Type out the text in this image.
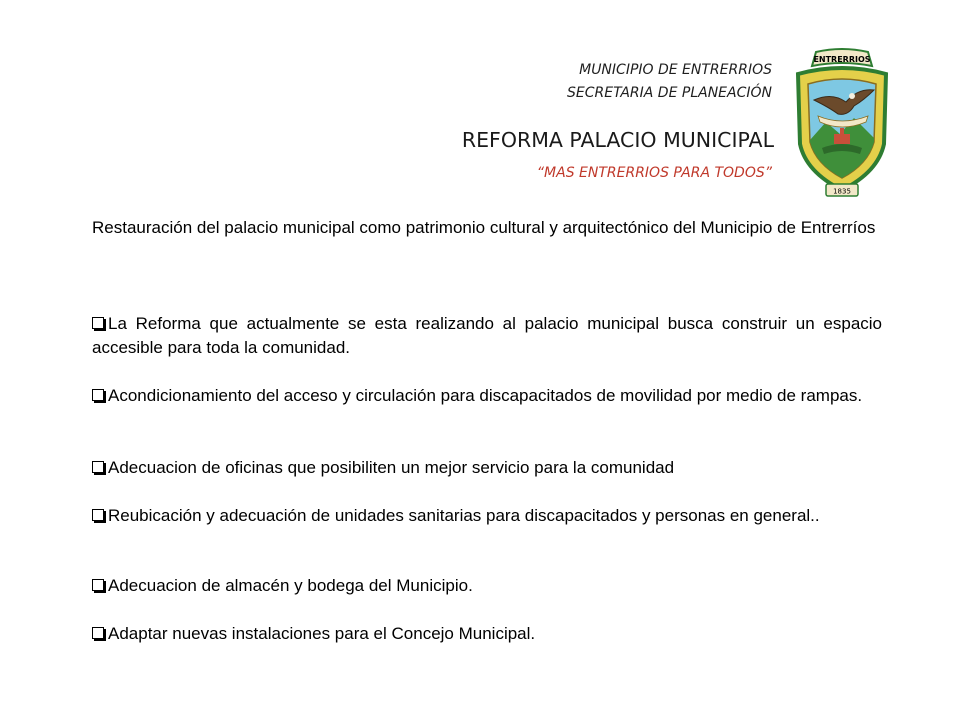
MUNICIPIO DE ENTRERRIOS
SECRETARIA DE PLANEACIÓN
REFORMA PALACIO MUNICIPAL
“MAS ENTRERRIOS PARA TODOS”
ENTRERRIOS
1835
Restauración del palacio municipal como patrimonio cultural y arquitectónico del Municipio de Entrerríos
La Reforma que actualmente se esta realizando al palacio municipal busca construir un espacio accesible para toda la comunidad.
Acondicionamiento del acceso y circulación para discapacitados de movilidad por medio de rampas.
Adecuacion de oficinas que posibiliten un mejor servicio para la comunidad
Reubicación y adecuación de unidades sanitarias para discapacitados y personas en general..
Adecuacion de almacén y bodega del Municipio.
Adaptar nuevas instalaciones para el Concejo Municipal.
